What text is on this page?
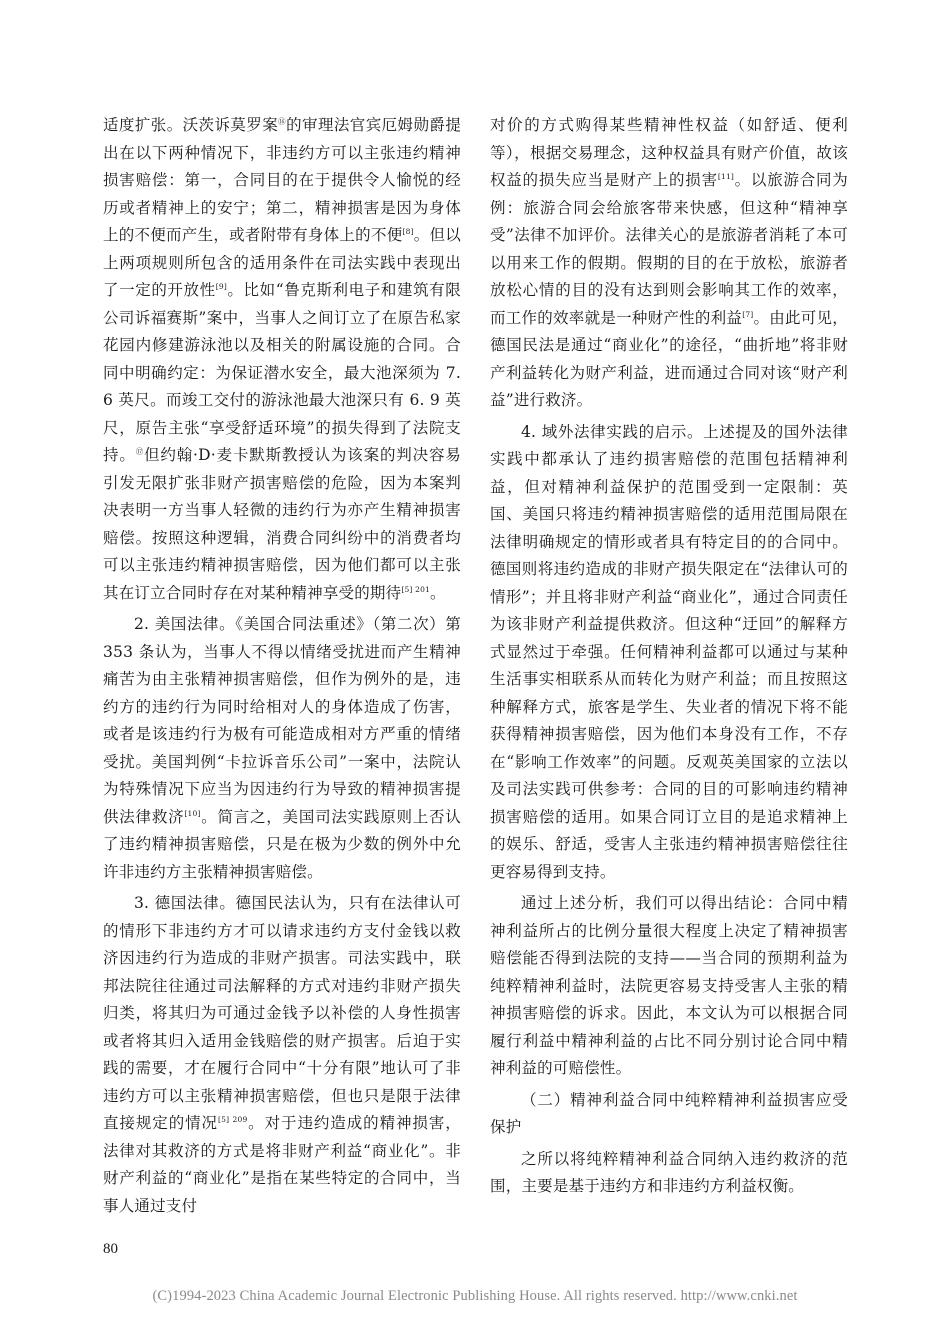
适度扩张。沃茨诉莫罗案⑯的审理法官宾厄姆勋爵提出在以下两种情况下，非违约方可以主张违约精神损害赔偿：第一，合同目的在于提供令人愉悦的经历或者精神上的安宁；第二，精神损害是因为身体上的不便而产生，或者附带有身体上的不便[8]。但以上两项规则所包含的适用条件在司法实践中表现出了一定的开放性[9]。比如“鲁克斯利电子和建筑有限公司诉福赛斯”案中，当事人之间订立了在原告私家花园内修建游泳池以及相关的附属设施的合同。合同中明确约定：为保证潜水安全，最大池深须为 7. 6 英尺。而竣工交付的游泳池最大池深只有 6. 9 英尺，原告主张“享受舒适环境”的损失得到了法院支持。⑰但约翰·D·麦卡默斯教授认为该案的判决容易引发无限扩张非财产损害赔偿的危险，因为本案判决表明一方当事人轻微的违约行为亦产生精神损害赔偿。按照这种逻辑，消费合同纠纷中的消费者均可以主张违约精神损害赔偿，因为他们都可以主张其在订立合同时存在对某种精神享受的期待$^{[5] 201}$。

2. 美国法律。《美国合同法重述》（第二次）第 353 条认为，当事人不得以情绪受扰进而产生精神痛苦为由主张精神损害赔偿，但作为例外的是，违约方的违约行为同时给相对人的身体造成了伤害，或者是该违约行为极有可能造成相对方严重的情绪受扰。美国判例“卡拉诉音乐公司”一案中，法院认为特殊情况下应当为因违约行为导致的精神损害提供法律救济[10]。简言之，美国司法实践原则上否认了违约精神损害赔偿，只是在极为少数的例外中允许非违约方主张精神损害赔偿。

3. 德国法律。德国民法认为，只有在法律认可的情形下非违约方才可以请求违约方支付金钱以救济因违约行为造成的非财产损害。司法实践中，联邦法院往往通过司法解释的方式对违约非财产损失归类，将其归为可通过金钱予以补偿的人身性损害或者将其归入适用金钱赔偿的财产损害。后迫于实践的需要，才在履行合同中“十分有限”地认可了非违约方可以主张精神损害赔偿，但也只是限于法律直接规定的情况$^{[5] 209}$。对于违约造成的精神损害，法律对其救济的方式是将非财产利益“商业化”。非财产利益的“商业化”是指在某些特定的合同中，当事人通过支付

对价的方式购得某些精神性权益（如舒适、便利等），根据交易理念，这种权益具有财产价值，故该权益的损失应当是财产上的损害[11]。以旅游合同为例：旅游合同会给旅客带来快感，但这种“精神享受”法律不加评价。法律关心的是旅游者消耗了本可以用来工作的假期。假期的目的在于放松，旅游者放松心情的目的没有达到则会影响其工作的效率，而工作的效率就是一种财产性的利益[7]。由此可见，德国民法是通过“商业化”的途径，“曲折地”将非财产利益转化为财产利益，进而通过合同对该“财产利益”进行救济。

4. 域外法律实践的启示。上述提及的国外法律实践中都承认了违约损害赔偿的范围包括精神利益，但对精神利益保护的范围受到一定限制：英国、美国只将违约精神损害赔偿的适用范围局限在法律明确规定的情形或者具有特定目的的合同中。德国则将违约造成的非财产损失限定在“法律认可的情形”；并且将非财产利益“商业化”，通过合同责任为该非财产利益提供救济。但这种“迂回”的解释方式显然过于牵强。任何精神利益都可以通过与某种生活事实相联系从而转化为财产利益；而且按照这种解释方式，旅客是学生、失业者的情况下将不能获得精神损害赔偿，因为他们本身没有工作，不存在“影响工作效率”的问题。反观英美国家的立法以及司法实践可供参考：合同的目的可影响违约精神损害赔偿的适用。如果合同订立目的是追求精神上的娱乐、舒适，受害人主张违约精神损害赔偿往往更容易得到支持。

通过上述分析，我们可以得出结论：合同中精神利益所占的比例分量很大程度上决定了精神损害赔偿能否得到法院的支持——当合同的预期利益为纯粹精神利益时，法院更容易支持受害人主张的精神损害赔偿的诉求。因此，本文认为可以根据合同履行利益中精神利益的占比不同分别讨论合同中精神利益的可赔偿性。

（二）精神利益合同中纯粹精神利益损害应受保护

之所以将纯粹精神利益合同纳入违约救济的范围，主要是基于违约方和非违约方利益权衡。

80
(C)1994-2023 China Academic Journal Electronic Publishing House. All rights reserved. http://www.cnki.net
